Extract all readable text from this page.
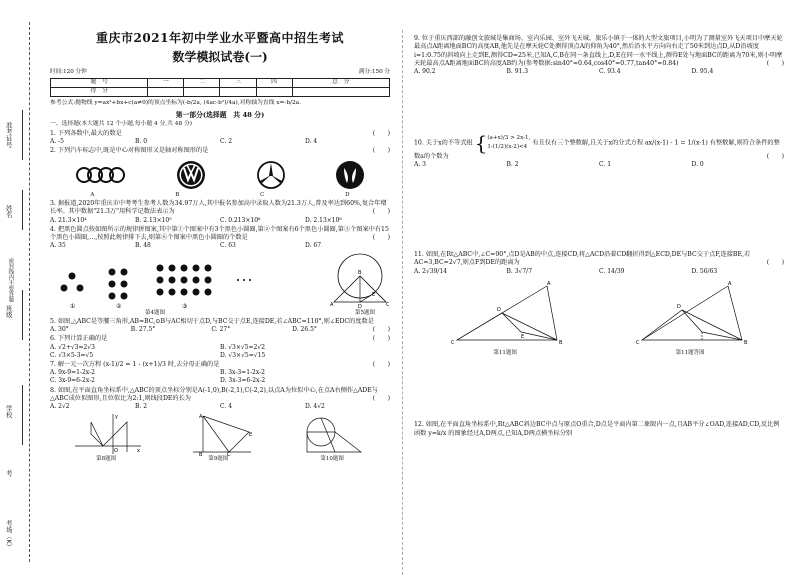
准考证号
姓名
密封线内不要答题
班级
学校
考
考场（K）

重庆市2021年初中学业水平暨高中招生考试

数学模拟试卷(一)

时间:120 分钟	满分:150 分
题　号	一	二	三	四	总　分
得　分					
参考公式:抛物线 y=ax²+bx+c(a≠0)的顶点坐标为(-b/2a, (4ac-b²)/4a),对称轴为直线 x=-b/2a.
第一部分(选择题　共 48 分)
一、选择题(本大题共 12 个小题,每小题 4 分,共 48 分)
1. 下列各数中,最大的数是	(　　)
A. -5	B. 0	C. 2	D. 4
2. 下列汽车标志中,既是中心对称图形又是轴对称图形的是	(　　)
A	B	C	D
3. 据报道,2020年重庆市中考考生参考人数为34.97万人,其中报名参加高中录取人数为21.3万人,普及率达到60%,复合年增长率。其中数据"21.3万"用科学记数法表示为	(　　)
A. 21.3×10⁴	B. 2.13×10⁵	C. 0.213×10⁶	D. 2.13×10⁶
4. 把黑色圆点按如图所示的规律拼图案,其中第①个图案中有3个黑色小圆圈,第②个图案有6个黑色小圆圈,第③个图案中有15个黑色小圆圈,…,按照此规律排下去,则第⑥个图案中黑色小圆圈的个数是	(　　)
A. 35	B. 48	C. 63	D. 67
①	②	③
B
A	C
D
E
第4题图	第5题图
5. 如图,△ABC是等腰三角形,AB=BC,⊙B与AC相切于点D,与BC交于点E,连接DE,若∠ABC=110°,则∠EDC的度数是
(　　)
A. 30°	B. 27.5°	C. 27°	D. 26.5°
6. 下列计算正确的是	(　　)
A. √2+√3=2√3	B. √3×√5=2√2
C. √3×5-3=√5	D. √3×√5=√15
7. 解一元一次方程 (x-1)/2 = 1 - (x+1)/3 时,去分母正确的是	(　　)
A. 9x-9=1-2x-2	B. 3x-3=1-2x-2
C. 3x-9=6-2x-2	D. 3x-3=6-2x-2
8. 如图,在平面直角坐标系中,△ABC的顶点坐标分别是A(-1,0),B(-2,1),C(-2,2),以点A为位似中心,在点A右侧作△ADE与△ABC成位似图形,且位似比为2:1,则线段DE的长为	(　　)
A. 2√2	B. 2	C. 4	D. 4√2
y
x
O
A
B	C
E
第8题图	第9题图	第10题图
9. 位于重庆西部的融创文旅城是集商场、室内乐园、室外飞天城、旅乐小镇于一体的大型文旅项目,小明为了测量室外飞天项目中摩天轮最高点A距离地面BC的高度AB,他先是在摩天轮C处测得顶点A的仰角为40°,然后沿水平方向向右走了50米到达点D,从D沿坡度i=1:0.75的斜坡向上走到E,测得CD=25米,已知A,C,B在同一条直线上,D,E在同一水平线上,测得E处与地面BC的距离为70米,则小明摩天轮最高点A距离地面BC的高度AB约为(参考数据:sin40°≈0.64,cos40°≈0.77,tan40°≈0.84)	(　　)
A. 90.2	B. 91.3	C. 93.4	D. 95.4
10. 关于x的不等式组 { (a+x)/3 > 2x-1,
1-(1/2)(x-2)<4
有且仅有三个整数解,且关于x的分式方程 ax/(x-1) - 1 = 1/(x-1) 有整数解,则符合条件的整数a的个数为	(　　)
A. 3	B. 2	C. 1	D. 0
11. 如图,在Rt△ABC中,∠C=90°,点D是AB的中点,连接CD,将△ACD沿着CD翻折得到△ECD,DE与BC交于点F,连接BE,若AC=3,BC=2√7,则点F到DE的距离为	(　　)
A. 2√39/14	B. 3√7/7	C. 14/39	D. 56/63
A
B
C
D
E
A
B
C
D
第11题图	第11题答图
12. 如图,在平面直角坐标系中,Rt△ABC斜边BC中点与原点O重合,D点是平面内第二象限内一点,且AB平分∠OAD,连接AD,CD,反比例函数 y=k/x 的图象经过A,D两点,已知A,D两点横坐标分别
